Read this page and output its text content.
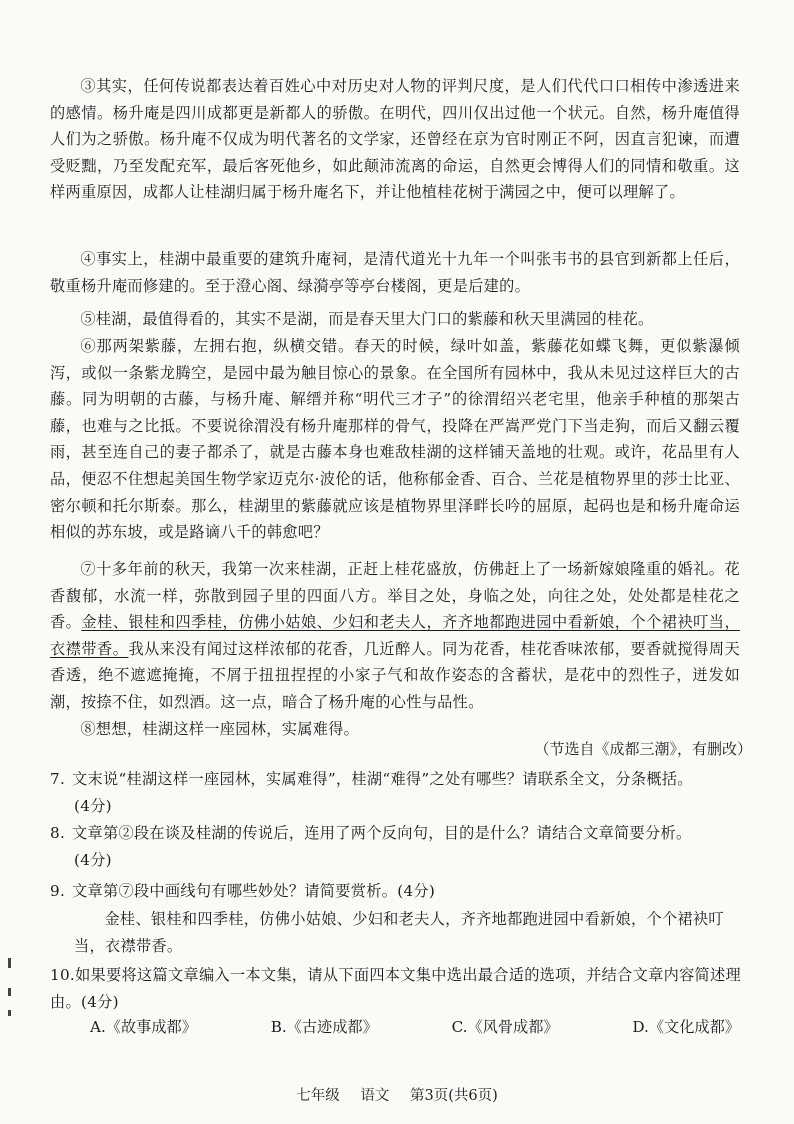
③其实，任何传说都表达着百姓心中对历史对人物的评判尺度，是人们代代口口相传中渗透进来的感情。杨升庵是四川成都更是新都人的骄傲。在明代，四川仅出过他一个状元。自然，杨升庵值得人们为之骄傲。杨升庵不仅成为明代著名的文学家，还曾经在京为官时刚正不阿，因直言犯谏，而遭受贬黜，乃至发配充军，最后客死他乡，如此颠沛流离的命运，自然更会博得人们的同情和敬重。这样两重原因，成都人让桂湖归属于杨升庵名下，并让他植桂花树于满园之中，便可以理解了。

④事实上，桂湖中最重要的建筑升庵祠，是清代道光十九年一个叫张韦书的县官到新都上任后，敬重杨升庵而修建的。至于澄心阁、绿漪亭等亭台楼阁，更是后建的。

⑤桂湖，最值得看的，其实不是湖，而是春天里大门口的紫藤和秋天里满园的桂花。

⑥那两架紫藤，左拥右抱，纵横交错。春天的时候，绿叶如盖，紫藤花如蝶飞舞，更似紫瀑倾泻，或似一条紫龙腾空，是园中最为触目惊心的景象。在全国所有园林中，我从未见过这样巨大的古藤。同为明朝的古藤，与杨升庵、解缙并称“明代三才子”的徐渭绍兴老宅里，他亲手种植的那架古藤，也难与之比抵。不要说徐渭没有杨升庵那样的骨气，投降在严嵩严党门下当走狗，而后又翻云覆雨，甚至连自己的妻子都杀了，就是古藤本身也难敌桂湖的这样铺天盖地的壮观。或许，花品里有人品，便忍不住想起美国生物学家迈克尔·波伦的话，他称郁金香、百合、兰花是植物界里的莎士比亚、密尔顿和托尔斯泰。那么，桂湖里的紫藤就应该是植物界里泽畔长吟的屈原，起码也是和杨升庵命运相似的苏东坡，或是路谪八千的韩愈吧？

⑦十多年前的秋天，我第一次来桂湖，正赶上桂花盛放，仿佛赶上了一场新嫁娘隆重的婚礼。花香馥郁，水流一样，弥散到园子里的四面八方。举目之处，身临之处，向往之处，处处都是桂花之香。金桂、银桂和四季桂，仿佛小姑娘、少妇和老夫人，齐齐地都跑进园中看新娘，个个裙袂叮当，衣襟带香。我从来没有闻过这样浓郁的花香，几近醉人。同为花香，桂花香味浓郁，要香就搅得周天香透，绝不遮遮掩掩，不屑于扭扭捏捏的小家子气和故作姿态的含蓄状，是花中的烈性子，迸发如潮，按捺不住，如烈酒。这一点，暗合了杨升庵的心性与品性。

⑧想想，桂湖这样一座园林，实属难得。

（节选自《成都三潮》，有删改）

7. 文末说“桂湖这样一座园林，实属难得”，桂湖“难得”之处有哪些？请联系全文，分条概括。
(4分)
8. 文章第②段在谈及桂湖的传说后，连用了两个反向句，目的是什么？请结合文章简要分析。
(4分)
9. 文章第⑦段中画线句有哪些妙处？请简要赏析。(4分)

金桂、银桂和四季桂，仿佛小姑娘、少妇和老夫人，齐齐地都跑进园中看新娘，个个裙袂叮当，衣襟带香。

10.如果要将这篇文章编入一本文集，请从下面四本文集中选出最合适的选项，并结合文章内容简述理由。(4分)
A.《故事成都》	B.《古迹成都》	C.《风骨成都》	D.《文化成都》

七年级 语文 第3页(共6页)
